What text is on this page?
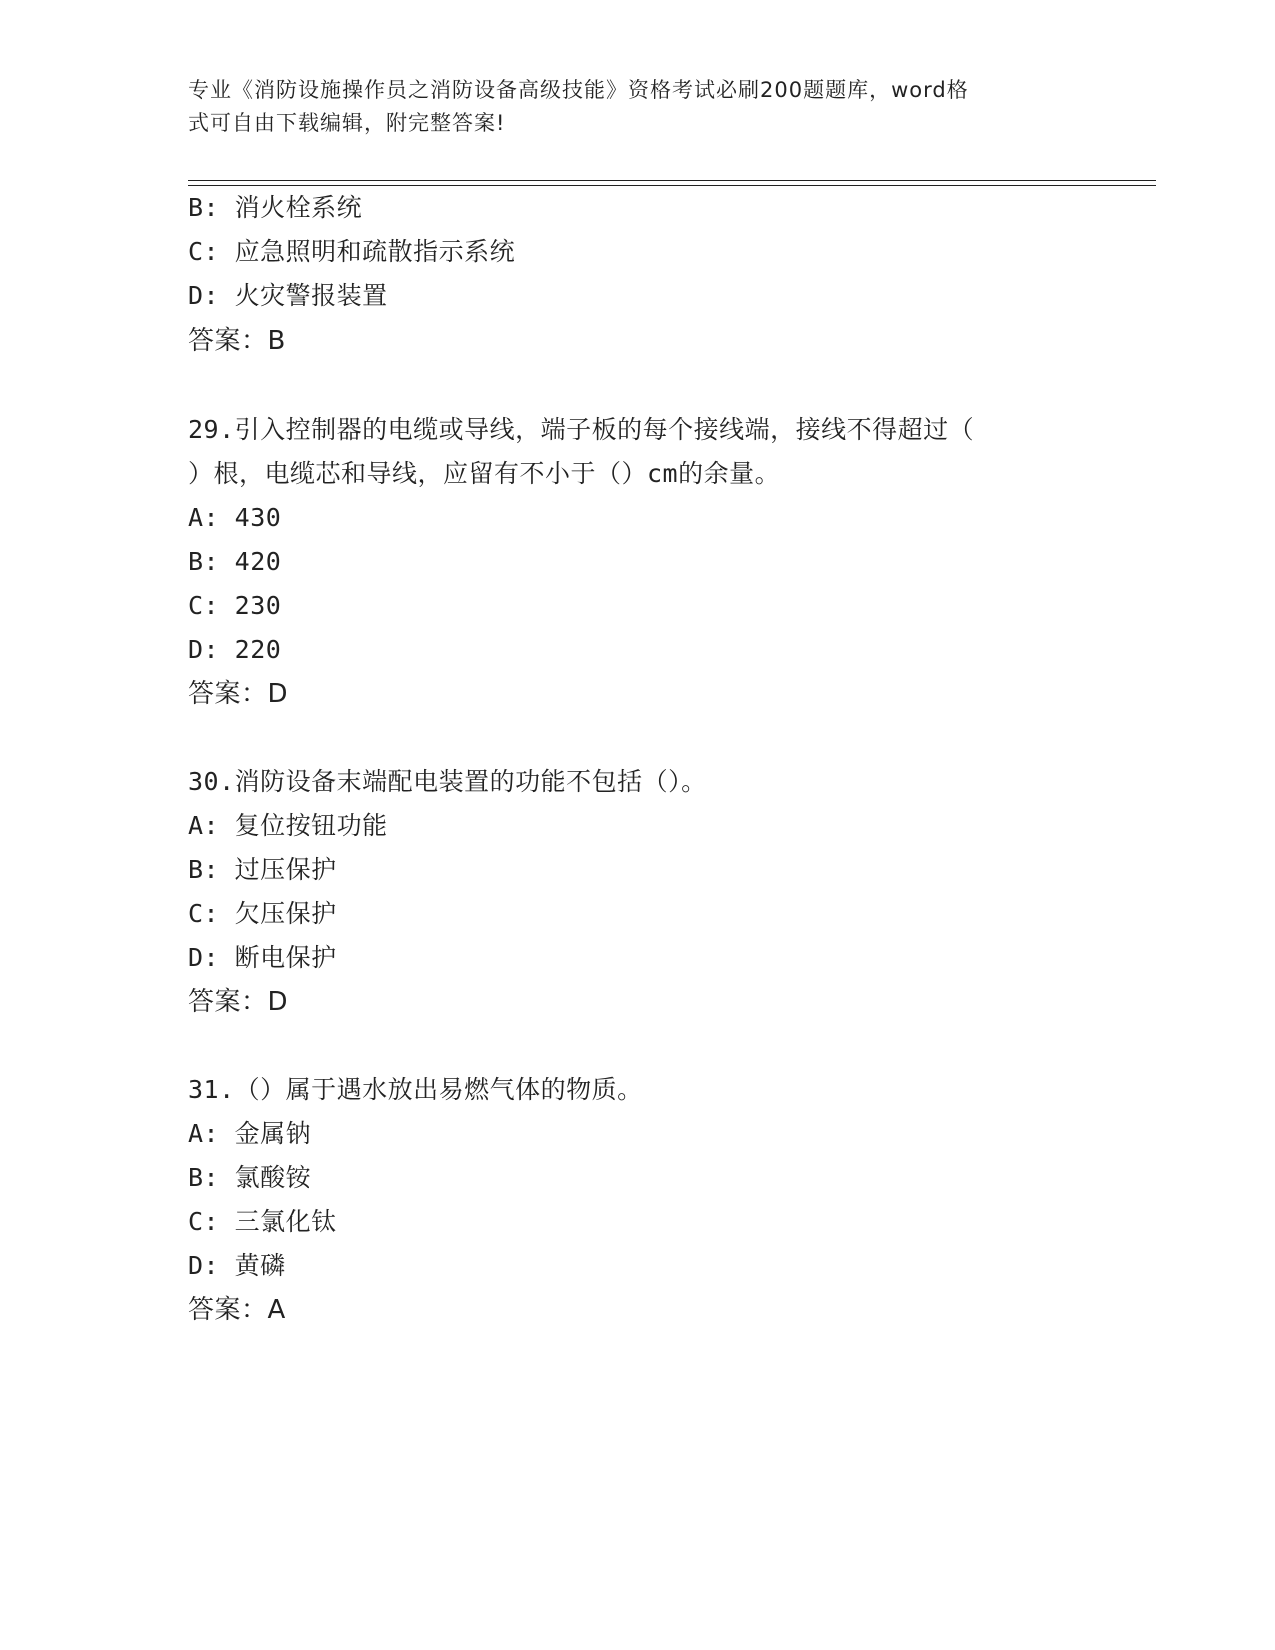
专业《消防设施操作员之消防设备高级技能》资格考试必刷200题题库，word格
式可自由下载编辑，附完整答案!
B: 消火栓系统
C: 应急照明和疏散指示系统
D: 火灾警报装置
答案：B
29.引入控制器的电缆或导线，端子板的每个接线端，接线不得超过（
）根，电缆芯和导线，应留有不小于（）cm的余量。
A: 430
B: 420
C: 230
D: 220
答案：D
30.消防设备末端配电装置的功能不包括（）。
A: 复位按钮功能
B: 过压保护
C: 欠压保护
D: 断电保护
答案：D
31.（）属于遇水放出易燃气体的物质。
A: 金属钠
B: 氯酸铵
C: 三氯化钛
D: 黄磷
答案：A
